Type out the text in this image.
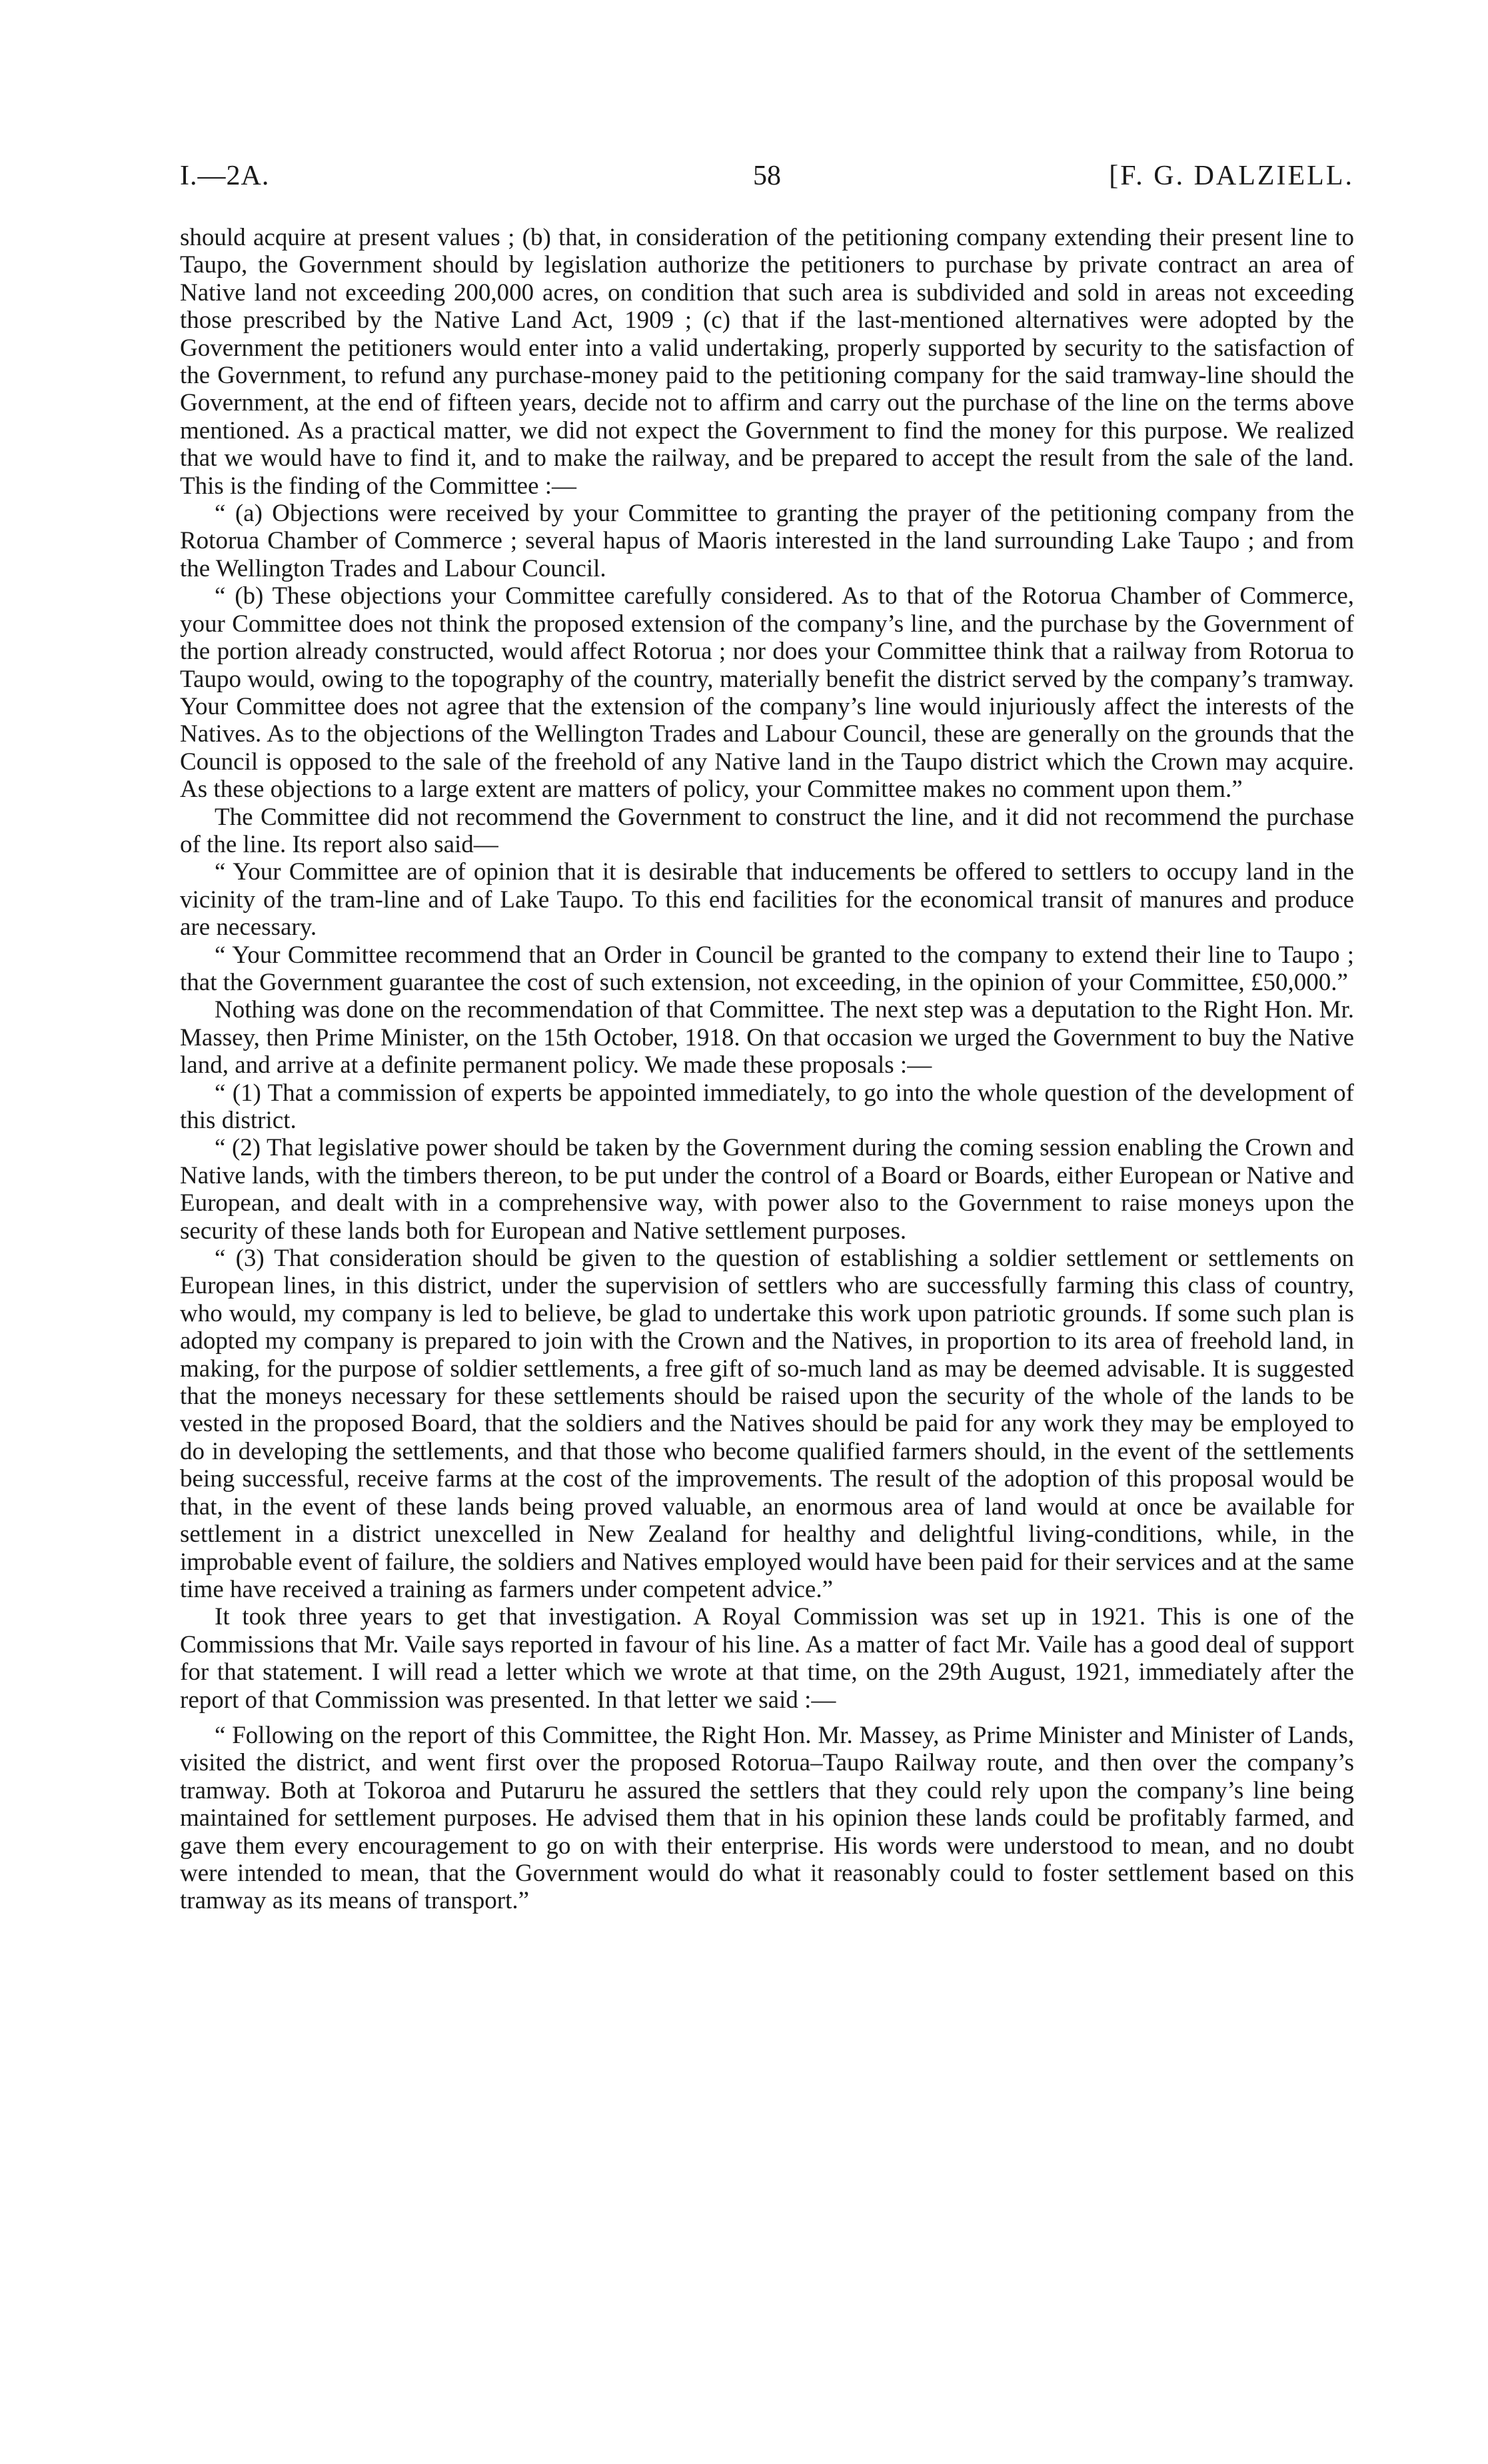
I.—2A.	58	[F. G. DALZIELL.

should acquire at present values ; (b) that, in consideration of the petitioning company extending their present line to Taupo, the Government should by legislation authorize the petitioners to purchase by private contract an area of Native land not exceeding 200,000 acres, on condition that such area is subdivided and sold in areas not exceeding those prescribed by the Native Land Act, 1909 ; (c) that if the last-mentioned alternatives were adopted by the Government the petitioners would enter into a valid undertaking, properly supported by security to the satisfaction of the Government, to refund any purchase-money paid to the petitioning company for the said tramway-line should the Government, at the end of fifteen years, decide not to affirm and carry out the purchase of the line on the terms above mentioned. As a practical matter, we did not expect the Government to find the money for this purpose. We realized that we would have to find it, and to make the railway, and be prepared to accept the result from the sale of the land. This is the finding of the Committee :—

“ (a) Objections were received by your Committee to granting the prayer of the petitioning company from the Rotorua Chamber of Commerce ; several hapus of Maoris interested in the land surrounding Lake Taupo ; and from the Wellington Trades and Labour Council.

“ (b) These objections your Committee carefully considered. As to that of the Rotorua Chamber of Commerce, your Committee does not think the proposed extension of the company’s line, and the purchase by the Government of the portion already constructed, would affect Rotorua ; nor does your Committee think that a railway from Rotorua to Taupo would, owing to the topography of the country, materially benefit the district served by the company’s tramway. Your Committee does not agree that the extension of the company’s line would injuriously affect the interests of the Natives. As to the objections of the Wellington Trades and Labour Council, these are generally on the grounds that the Council is opposed to the sale of the freehold of any Native land in the Taupo district which the Crown may acquire. As these objections to a large extent are matters of policy, your Committee makes no comment upon them.”

The Committee did not recommend the Government to construct the line, and it did not recommend the purchase of the line. Its report also said—

“ Your Committee are of opinion that it is desirable that inducements be offered to settlers to occupy land in the vicinity of the tram-line and of Lake Taupo. To this end facilities for the economical transit of manures and produce are necessary.

“ Your Committee recommend that an Order in Council be granted to the company to extend their line to Taupo ; that the Government guarantee the cost of such extension, not exceeding, in the opinion of your Committee, £50,000.”

Nothing was done on the recommendation of that Committee. The next step was a deputation to the Right Hon. Mr. Massey, then Prime Minister, on the 15th October, 1918. On that occasion we urged the Government to buy the Native land, and arrive at a definite permanent policy. We made these proposals :—

“ (1) That a commission of experts be appointed immediately, to go into the whole question of the development of this district.

“ (2) That legislative power should be taken by the Government during the coming session enabling the Crown and Native lands, with the timbers thereon, to be put under the control of a Board or Boards, either European or Native and European, and dealt with in a comprehensive way, with power also to the Government to raise moneys upon the security of these lands both for European and Native settlement purposes.

“ (3) That consideration should be given to the question of establishing a soldier settlement or settlements on European lines, in this district, under the supervision of settlers who are successfully farming this class of country, who would, my company is led to believe, be glad to undertake this work upon patriotic grounds. If some such plan is adopted my company is prepared to join with the Crown and the Natives, in proportion to its area of freehold land, in making, for the purpose of soldier settlements, a free gift of so-much land as may be deemed advisable. It is suggested that the moneys necessary for these settlements should be raised upon the security of the whole of the lands to be vested in the proposed Board, that the soldiers and the Natives should be paid for any work they may be employed to do in developing the settlements, and that those who become qualified farmers should, in the event of the settlements being successful, receive farms at the cost of the improvements. The result of the adoption of this proposal would be that, in the event of these lands being proved valuable, an enormous area of land would at once be available for settlement in a district unexcelled in New Zealand for healthy and delightful living-conditions, while, in the improbable event of failure, the soldiers and Natives employed would have been paid for their services and at the same time have received a training as farmers under competent advice.”

It took three years to get that investigation. A Royal Commission was set up in 1921. This is one of the Commissions that Mr. Vaile says reported in favour of his line. As a matter of fact Mr. Vaile has a good deal of support for that statement. I will read a letter which we wrote at that time, on the 29th August, 1921, immediately after the report of that Commission was presented. In that letter we said :—

“ Following on the report of this Committee, the Right Hon. Mr. Massey, as Prime Minister and Minister of Lands, visited the district, and went first over the proposed Rotorua–Taupo Railway route, and then over the company’s tramway. Both at Tokoroa and Putaruru he assured the settlers that they could rely upon the company’s line being maintained for settlement purposes. He advised them that in his opinion these lands could be profitably farmed, and gave them every encouragement to go on with their enterprise. His words were understood to mean, and no doubt were intended to mean, that the Government would do what it reasonably could to foster settlement based on this tramway as its means of transport.”
